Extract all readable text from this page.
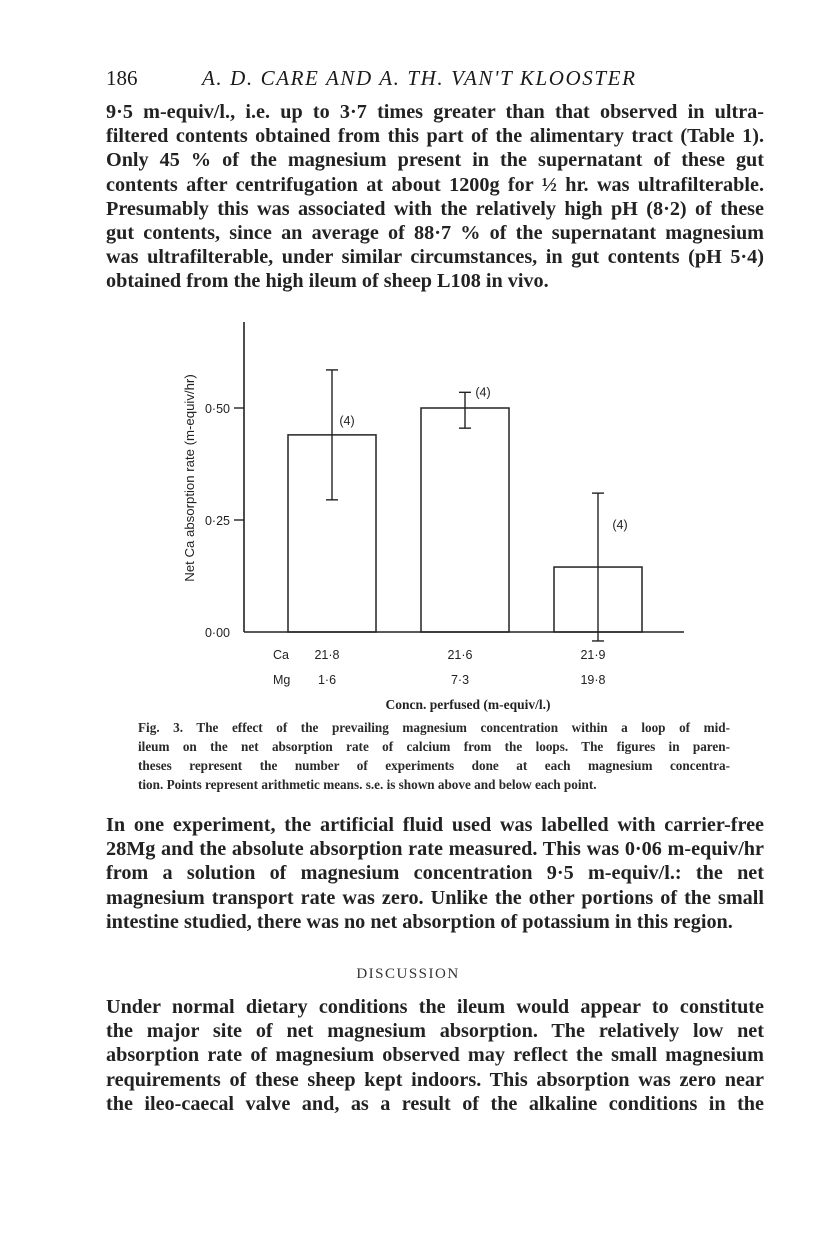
186	A. D. CARE AND A. TH. VAN'T KLOOSTER
9·5 m-equiv/l., i.e. up to 3·7 times greater than that observed in ultra-
filtered contents obtained from this part of the alimentary tract (Table 1).
Only 45 % of the magnesium present in the supernatant of these gut
contents after centrifugation at about 1200g for ½ hr. was ultrafilterable.
Presumably this was associated with the relatively high pH (8·2) of these
gut contents, since an average of 88·7 % of the supernatant magnesium
was ultrafilterable, under similar circumstances, in gut contents (pH 5·4)
obtained from the high ileum of sheep L108 in vivo.
0·00
0·25
0·50
Net Ca absorption rate (m-equiv/hr)	(4)
21·8
1·6
(4)
21·6
7·3
(4)
21·9
19·8
Ca
Mg
Concn. perfused (m-equiv/l.)
Fig. 3. The effect of the prevailing magnesium concentration within a loop of mid-
ileum on the net absorption rate of calcium from the loops. The figures in paren-
theses represent the number of experiments done at each magnesium concentra-
tion. Points represent arithmetic means. s.e. is shown above and below each point.
In one experiment, the artificial fluid used was labelled with carrier-free
28Mg and the absolute absorption rate measured. This was 0·06 m-equiv/hr
from a solution of magnesium concentration 9·5 m-equiv/l.: the net
magnesium transport rate was zero. Unlike the other portions of the small
intestine studied, there was no net absorption of potassium in this region.
DISCUSSION
Under normal dietary conditions the ileum would appear to constitute
the major site of net magnesium absorption. The relatively low net
absorption rate of magnesium observed may reflect the small magnesium
requirements of these sheep kept indoors. This absorption was zero near
the ileo-caecal valve and, as a result of the alkaline conditions in the
